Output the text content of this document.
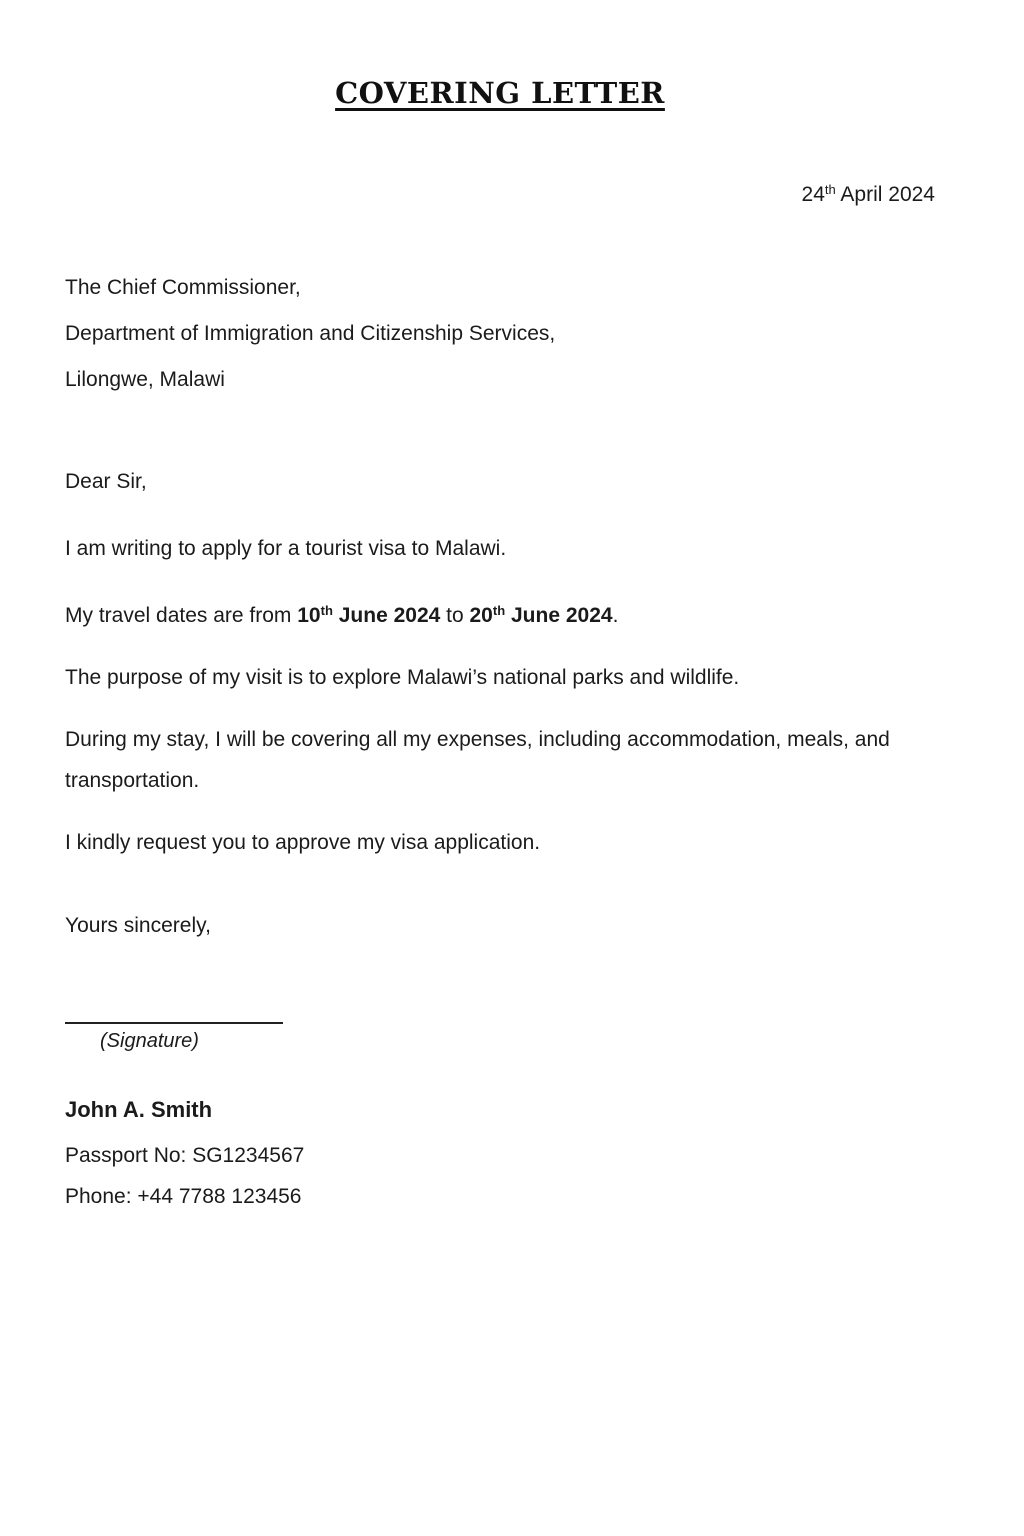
COVERING LETTER
24th April 2024

The Chief Commissioner,

Department of Immigration and Citizenship Services,

Lilongwe, Malawi

Dear Sir,

I am writing to apply for a tourist visa to Malawi.

My travel dates are from 10th June 2024 to 20th June 2024.

The purpose of my visit is to explore Malawi’s national parks and wildlife.

During my stay, I will be covering all my expenses, including accommodation, meals, and transportation.

I kindly request you to approve my visa application.

Yours sincerely,

(Signature)

John A. Smith

Passport No: SG1234567

Phone: +44 7788 123456
